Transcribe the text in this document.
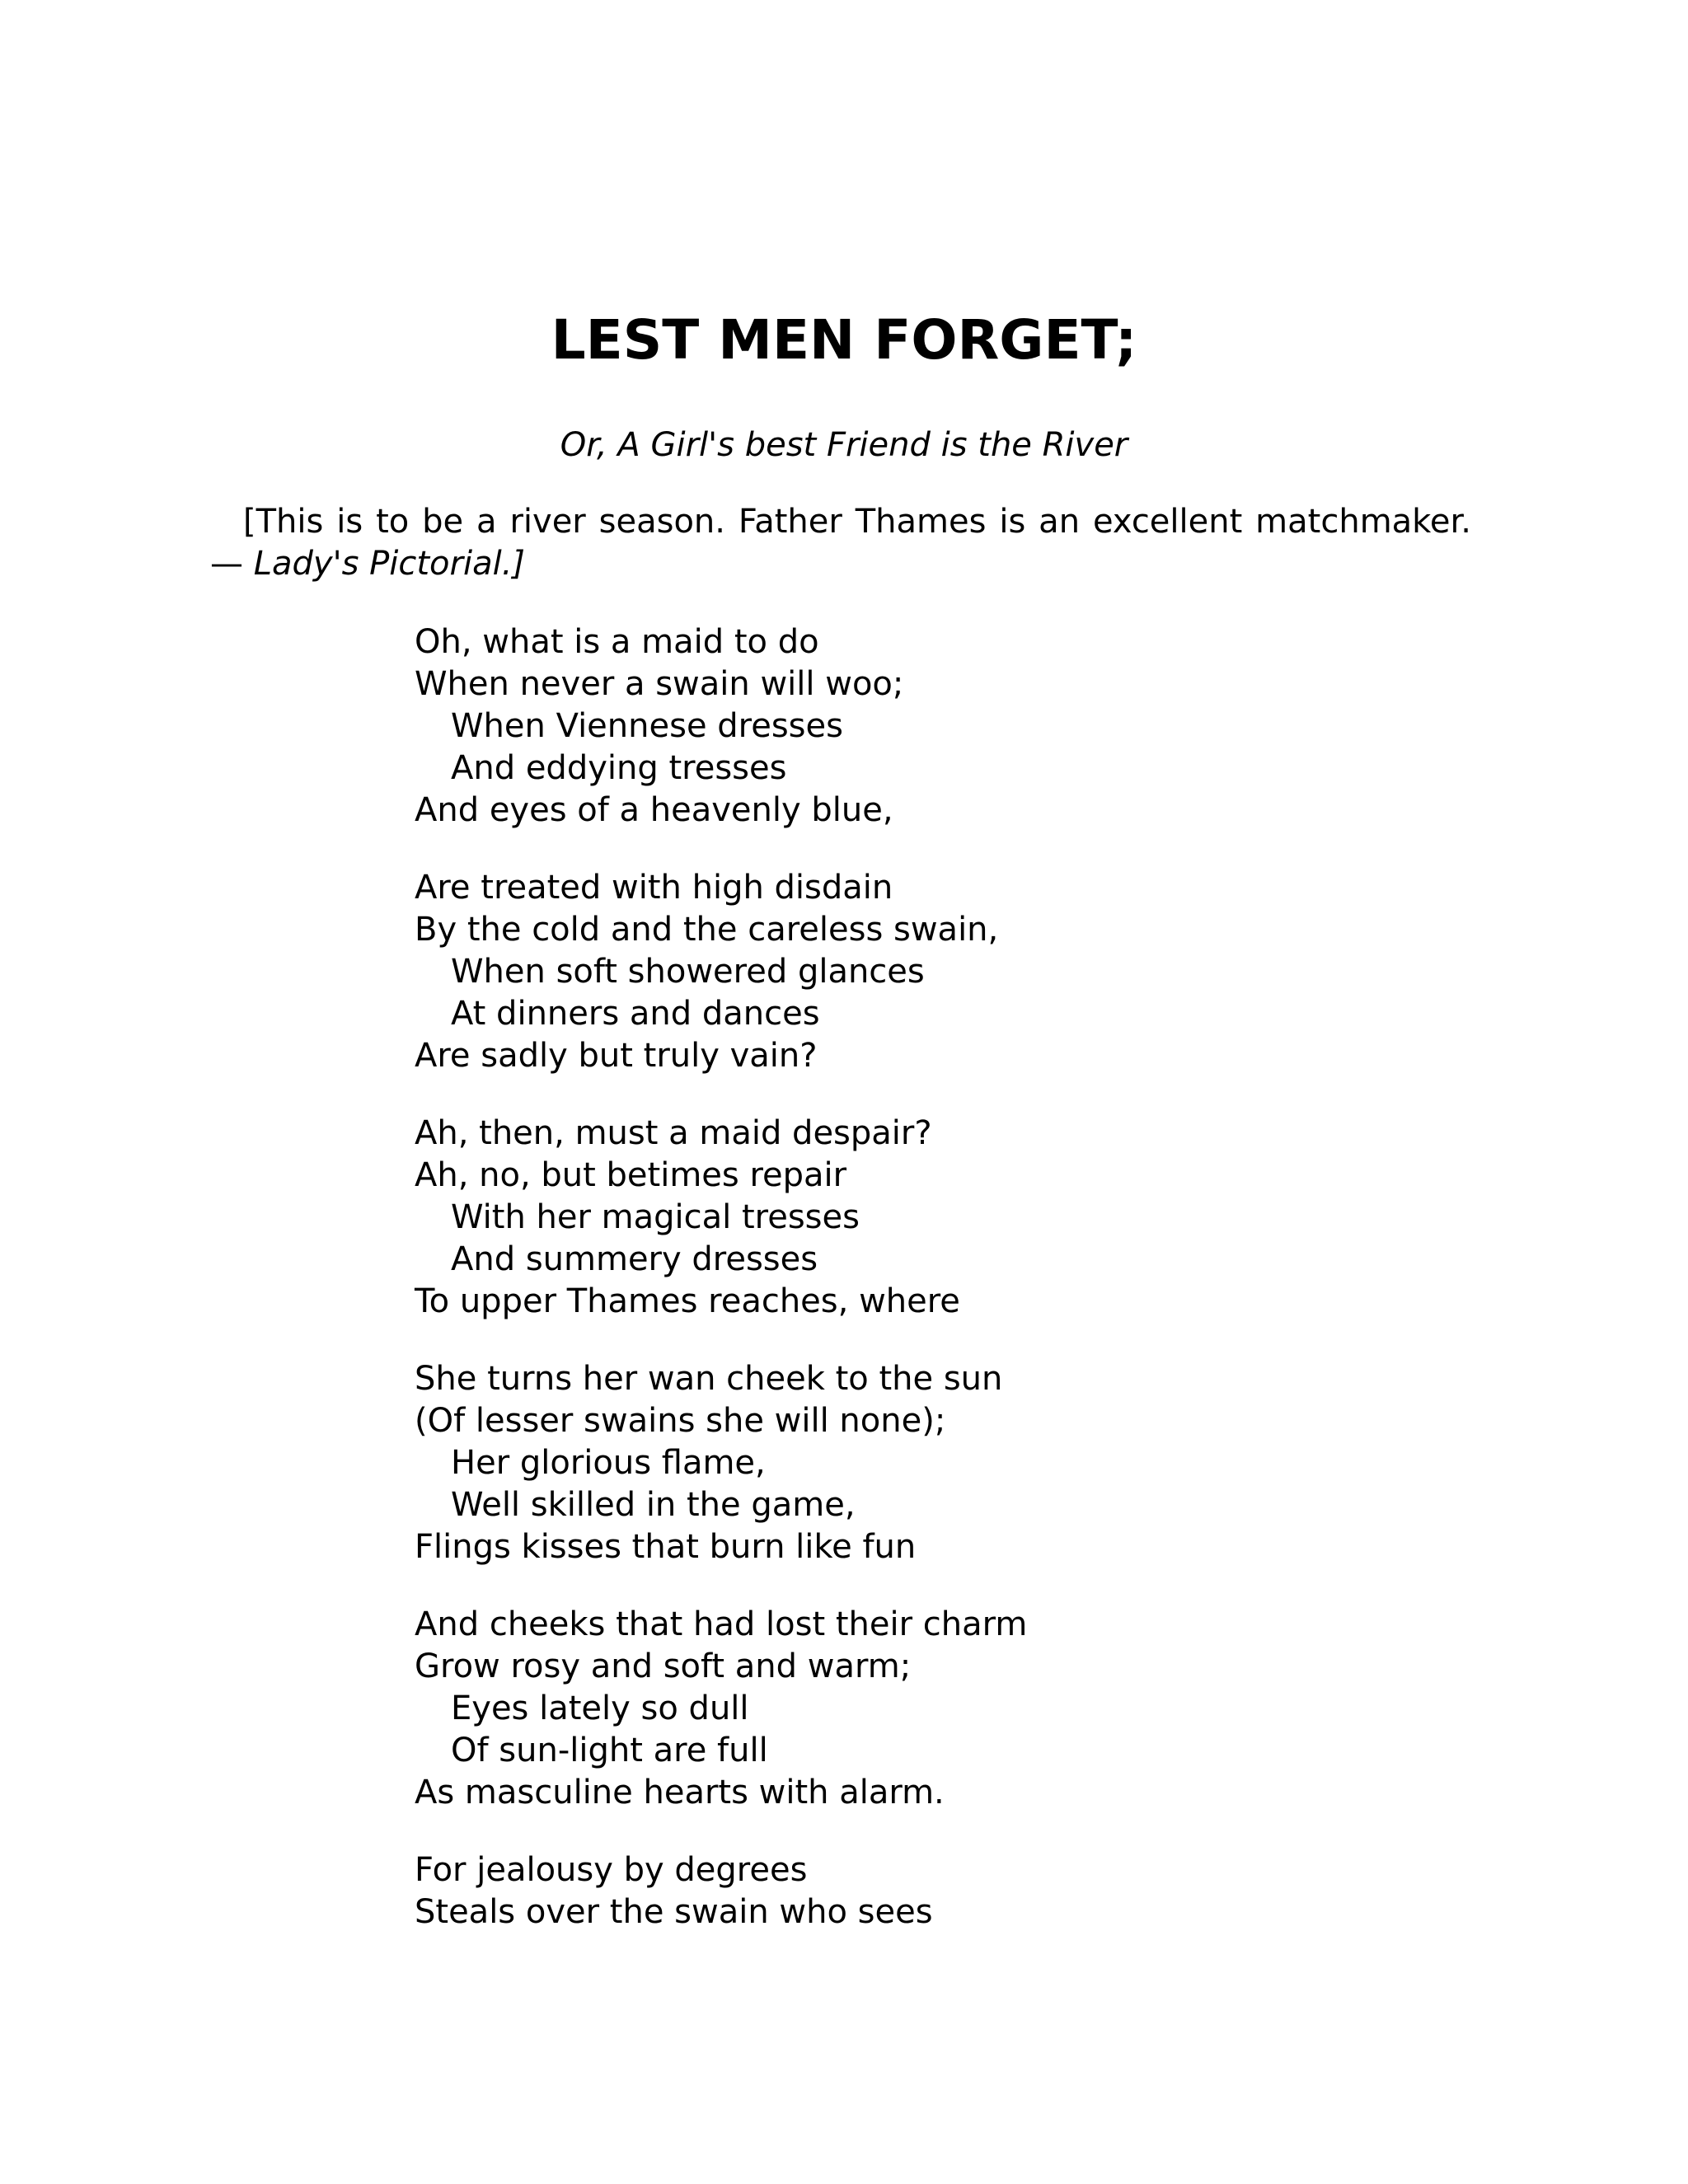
LEST MEN FORGET;

Or, A Girl's best Friend is the River

[This is to be a river season. Father Thames is an excellent matchmaker.— Lady's Pictorial.]

Oh, what is a maid to do
When never a swain will woo;
When Viennese dresses
And eddying tresses
And eyes of a heavenly blue,
Are treated with high disdain
By the cold and the careless swain,
When soft showered glances
At dinners and dances
Are sadly but truly vain?
Ah, then, must a maid despair?
Ah, no, but betimes repair
With her magical tresses
And summery dresses
To upper Thames reaches, where
She turns her wan cheek to the sun
(Of lesser swains she will none);
Her glorious flame,
Well skilled in the game,
Flings kisses that burn like fun
And cheeks that had lost their charm
Grow rosy and soft and warm;
Eyes lately so dull
Of sun-light are full
As masculine hearts with alarm.
For jealousy by degrees
Steals over the swain who sees
